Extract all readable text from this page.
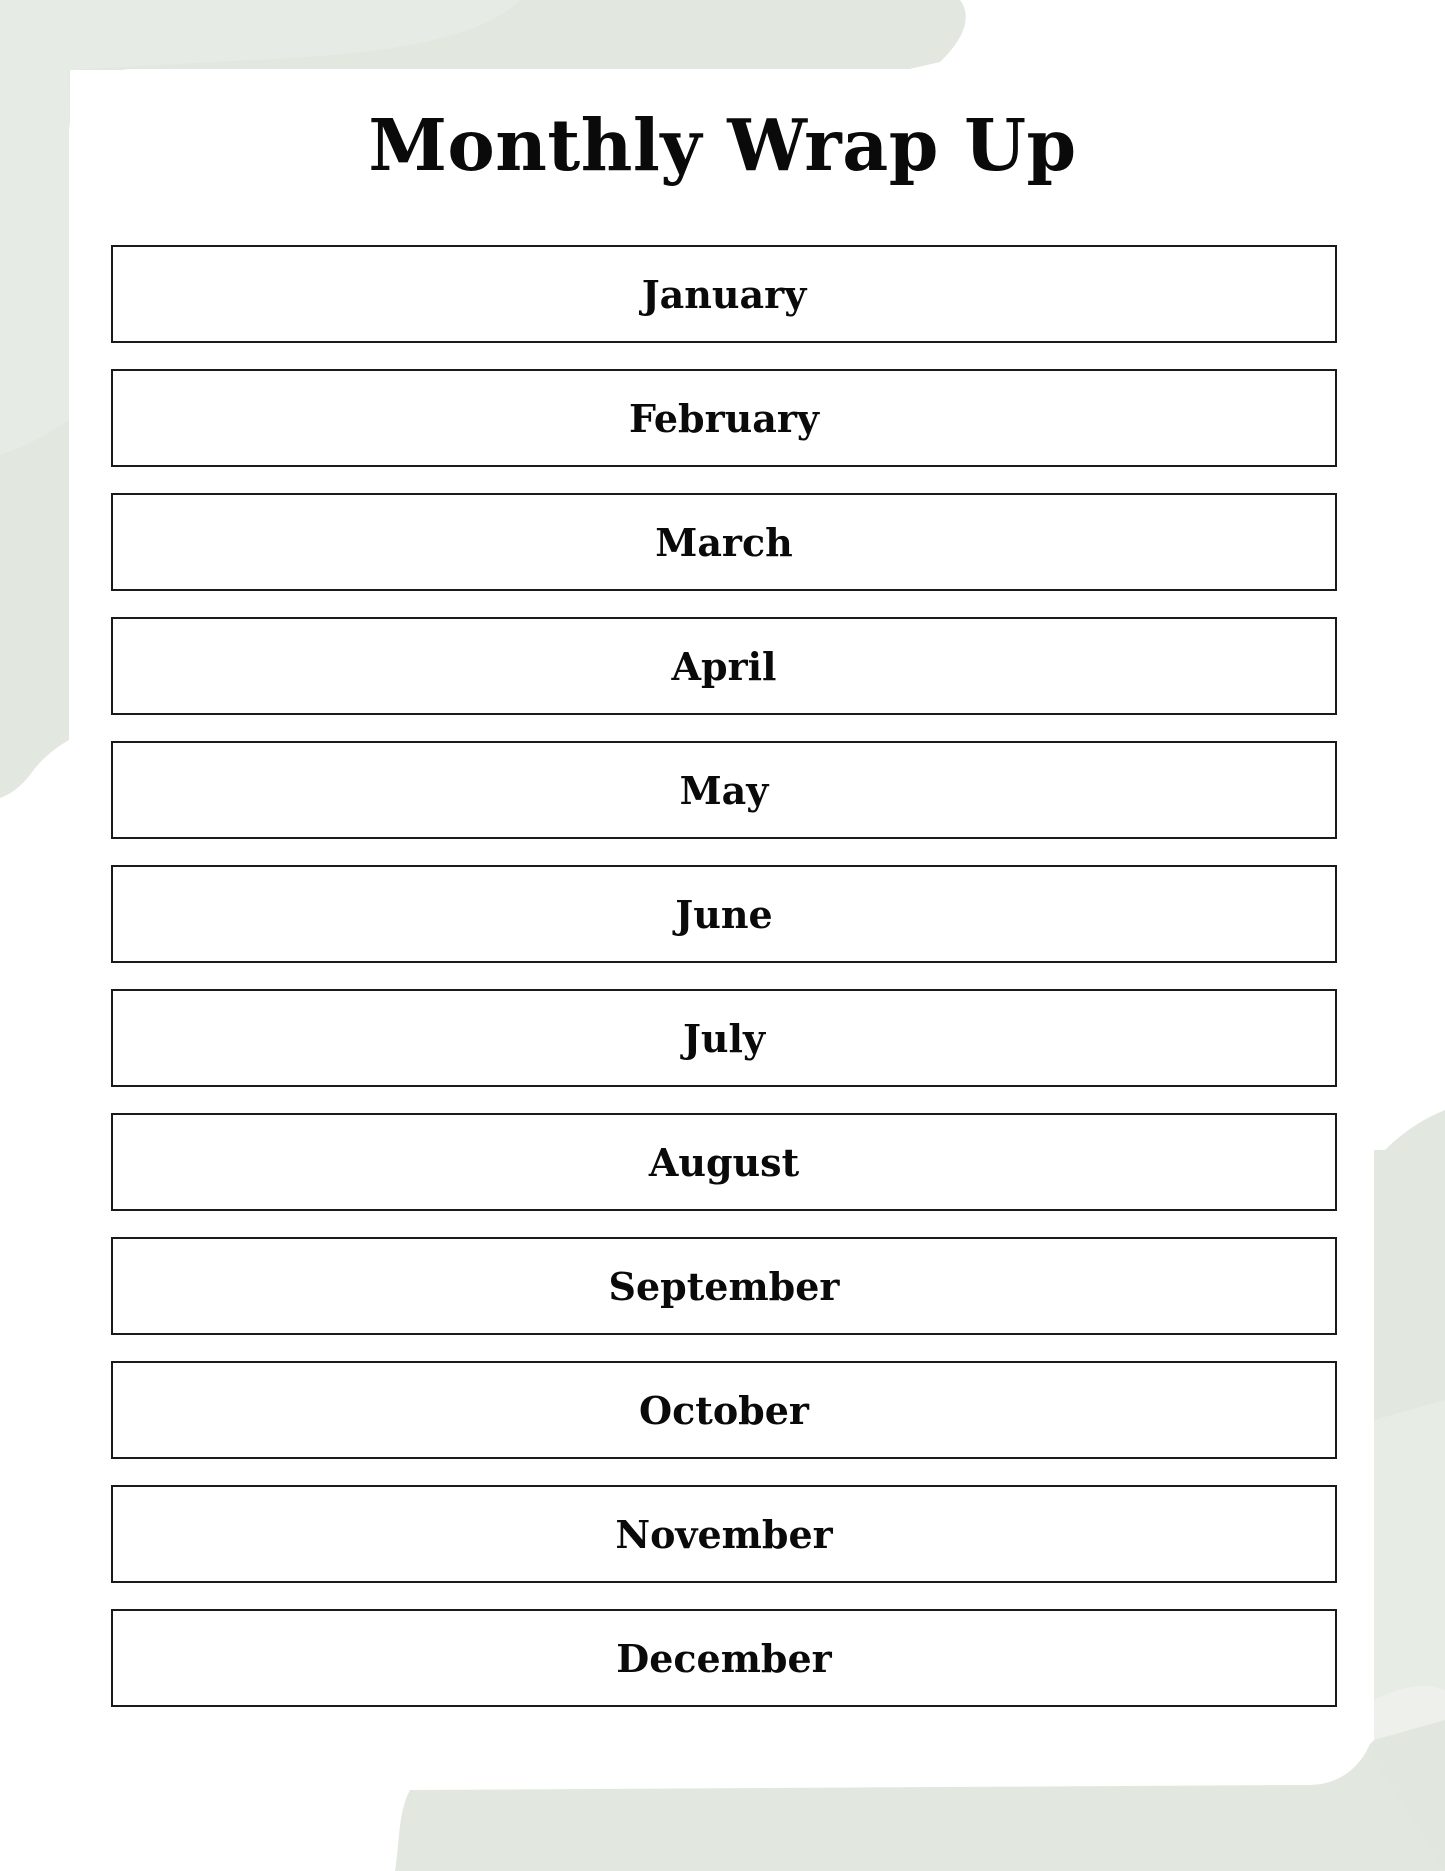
Monthly Wrap Up
January
February
March
April
May
June
July
August
September
October
November
December
